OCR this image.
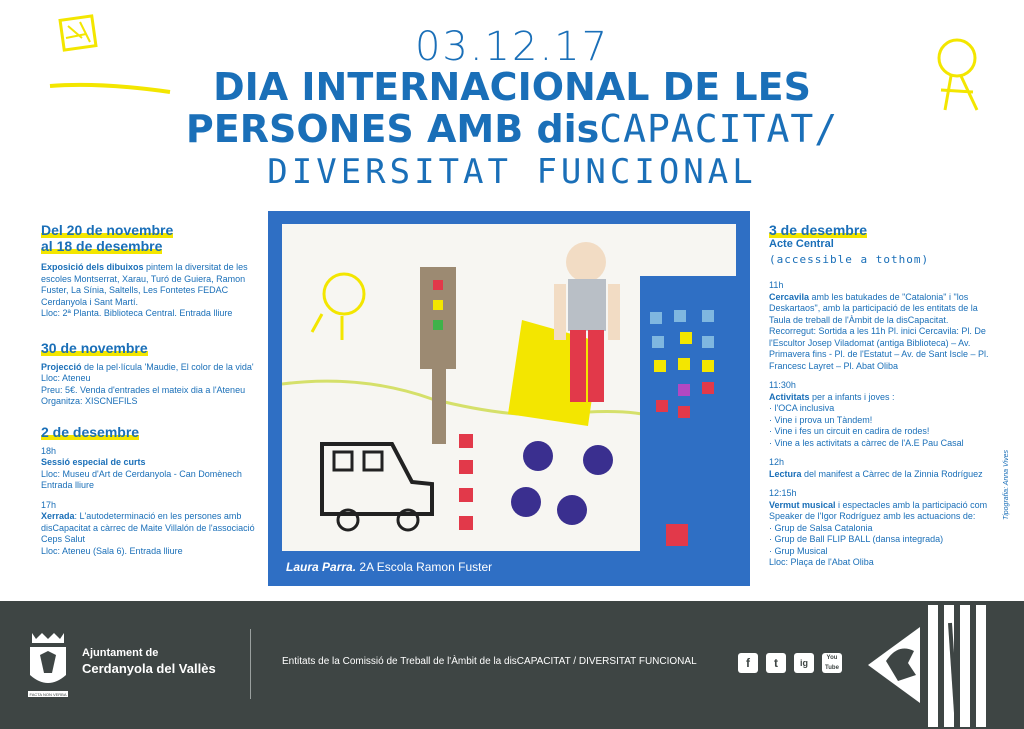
03.12.17
DIA INTERNACIONAL DE LES
PERSONES AMB disCAPACITAT/
DIVERSITAT FUNCIONAL
Del 20 de novembre
al 18 de desembre
Exposició dels dibuixos pintem la diversitat de les escoles Montserrat, Xarau, Turó de Guiera, Ramon Fuster, La Sínia, Saltells, Les Fontetes FEDAC Cerdanyola i Sant Martí.
Lloc: 2ª Planta. Biblioteca Central. Entrada lliure
30 de novembre
Projecció de la pel·lícula 'Maudie, El color de la vida'
Lloc: Ateneu
Preu: 5€. Venda d'entrades el mateix dia a l'Ateneu
Organitza: XISCNEFILS
2 de desembre
18h
Sessió especial de curts
Lloc: Museu d'Art de Cerdanyola - Can Domènech
Entrada lliure
17h
Xerrada: L'autodeterminació en les persones amb disCapacitat a càrrec de Maite Villalón de l'associació Ceps Salut
Lloc: Ateneu (Sala 6). Entrada lliure
Laura Parra. 2A Escola Ramon Fuster
3 de desembre
Acte Central
(accessible a tothom)
11h
Cercavila amb les batukades de "Catalonia" i "los Deskartaos", amb la participació de les entitats de la Taula de treball de l'Àmbit de la disCapacitat.
Recorregut: Sortida a les 11h Pl. inici Cercavila: Pl. De l'Escultor Josep Viladomat (antiga Biblioteca) – Av. Primavera fins - Pl. de l'Estatut – Av. de Sant Iscle – Pl. Francesc Layret – Pl. Abat Oliba
11:30h
Activitats per a infants i joves :
· l'OCA inclusiva
· Vine i prova un Tàndem!
· Vine i fes un circuit en cadira de rodes!
· Vine a les activitats a càrrec de l'A.E Pau Casal
12h
Lectura del manifest a Càrrec de la Zinnia Rodríguez
12:15h
Vermut musical i espectacles amb la participació com Speaker de l'Igor Rodríguez amb les actuacions de:
· Grup de Salsa Catalonia
· Grup de Ball FLIP BALL (dansa integrada)
· Grup Musical
Lloc: Plaça de l'Abat Oliba
Tipografia: Anna Vives
FACTA NON VERBA
Ajuntament de
Cerdanyola del Vallès	Entitats de la Comissió de Treball de l'Àmbit de la disCAPACITAT / DIVERSITAT FUNCIONAL	f	t	ig	You Tube
